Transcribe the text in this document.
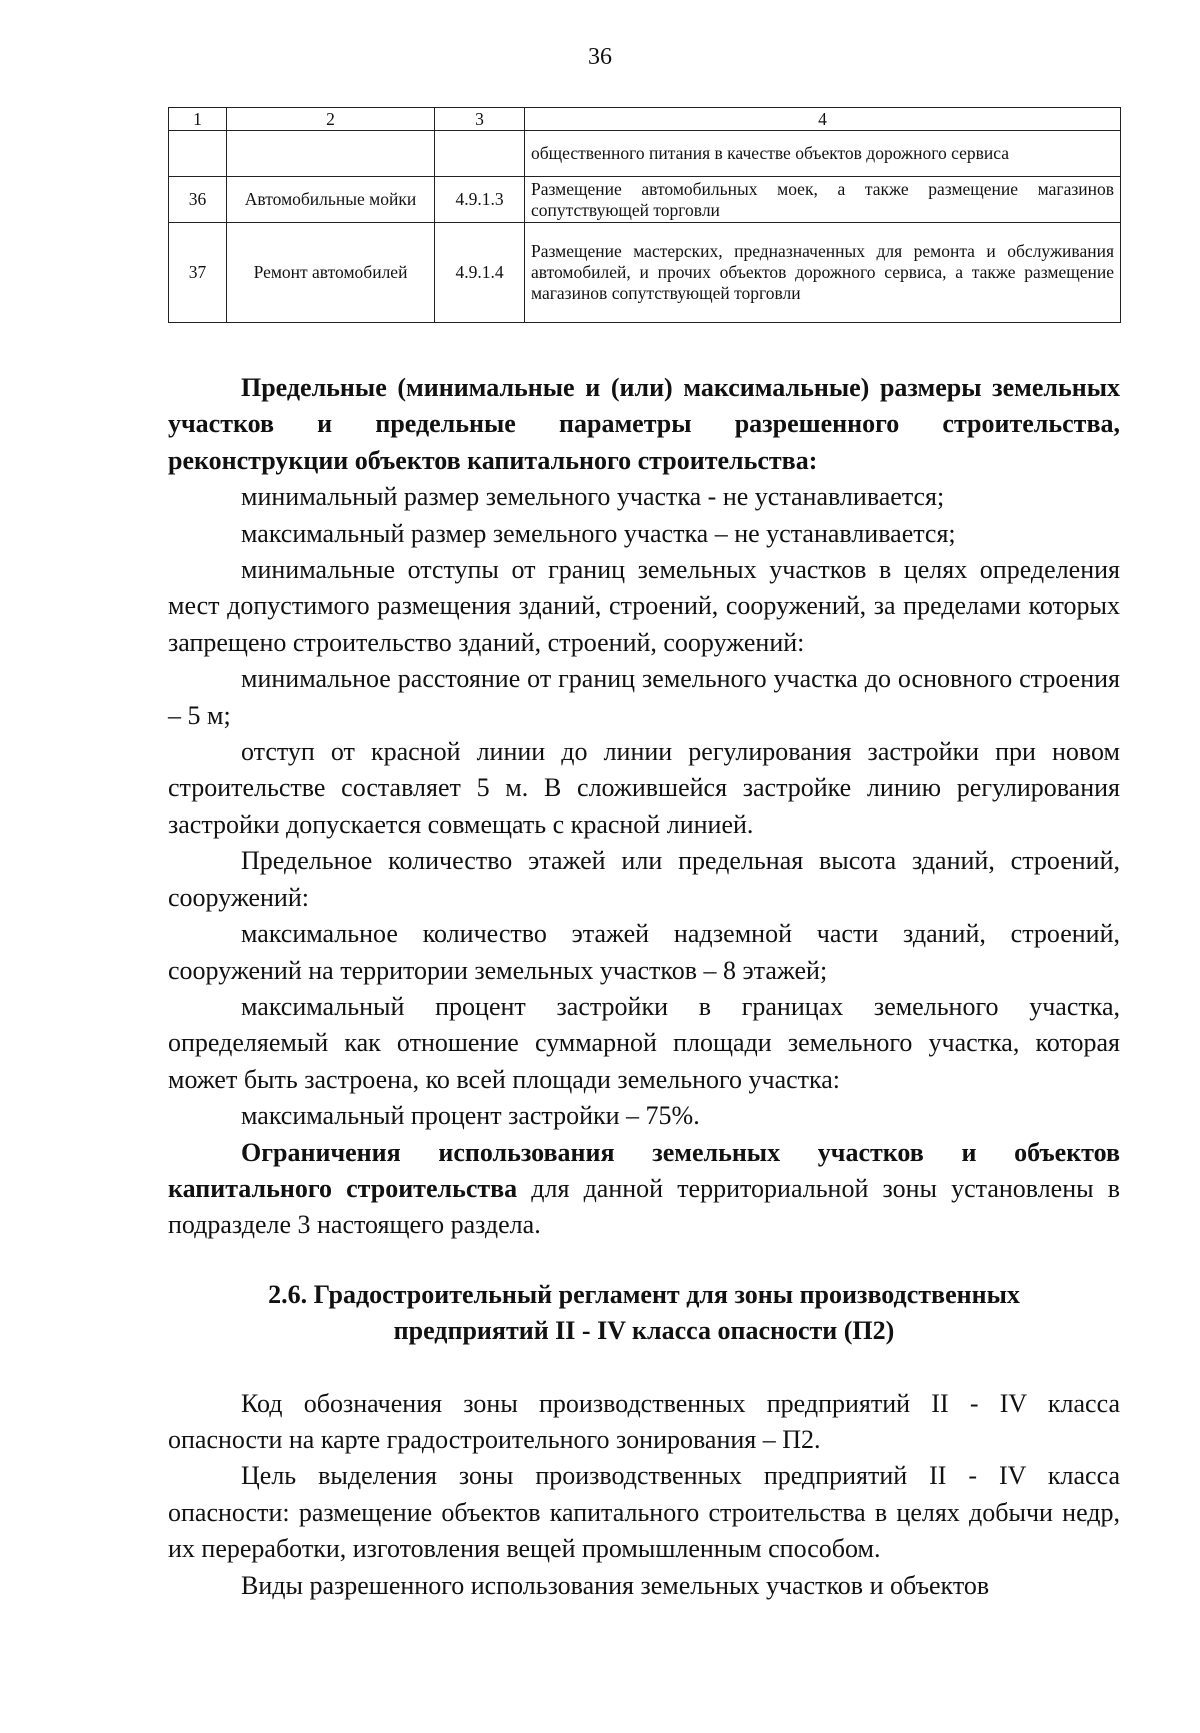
36
1	2	3	4
			общественного питания в качестве объектов дорожного сервиса
36	Автомобильные мойки	4.9.1.3	Размещение автомобильных моек, а также размещение магазинов сопутствующей торговли
37	Ремонт автомобилей	4.9.1.4	Размещение мастерских, предназначенных для ремонта и обслуживания автомобилей, и прочих объектов дорожного сервиса, а также размещение магазинов сопутствующей торговли

Предельные (минимальные и (или) максимальные) размеры земельных участков и предельные параметры разрешенного строительства, реконструкции объектов капитального строительства:

минимальный размер земельного участка - не устанавливается;

максимальный размер земельного участка – не устанавливается;

минимальные отступы от границ земельных участков в целях определения мест допустимого размещения зданий, строений, сооружений, за пределами которых запрещено строительство зданий, строений, сооружений:

минимальное расстояние от границ земельного участка до основного строения – 5 м;

отступ от красной линии до линии регулирования застройки при новом строительстве составляет 5 м. В сложившейся застройке линию регулирования застройки допускается совмещать с красной линией.

Предельное количество этажей или предельная высота зданий, строений, сооружений:

максимальное количество этажей надземной части зданий, строений, сооружений на территории земельных участков – 8 этажей;

максимальный процент застройки в границах земельного участка, определяемый как отношение суммарной площади земельного участка, которая может быть застроена, ко всей площади земельного участка:

максимальный процент застройки – 75%.

Ограничения использования земельных участков и объектов капитального строительства для данной территориальной зоны установлены в подразделе 3 настоящего раздела.

2.6. Градостроительный регламент для зоны производственных

предприятий II - IV класса опасности (П2)

Код обозначения зоны производственных предприятий II - IV класса опасности на карте градостроительного зонирования – П2.

Цель выделения зоны производственных предприятий II - IV класса опасности: размещение объектов капитального строительства в целях добычи недр, их переработки, изготовления вещей промышленным способом.

Виды разрешенного использования земельных участков и объектов
